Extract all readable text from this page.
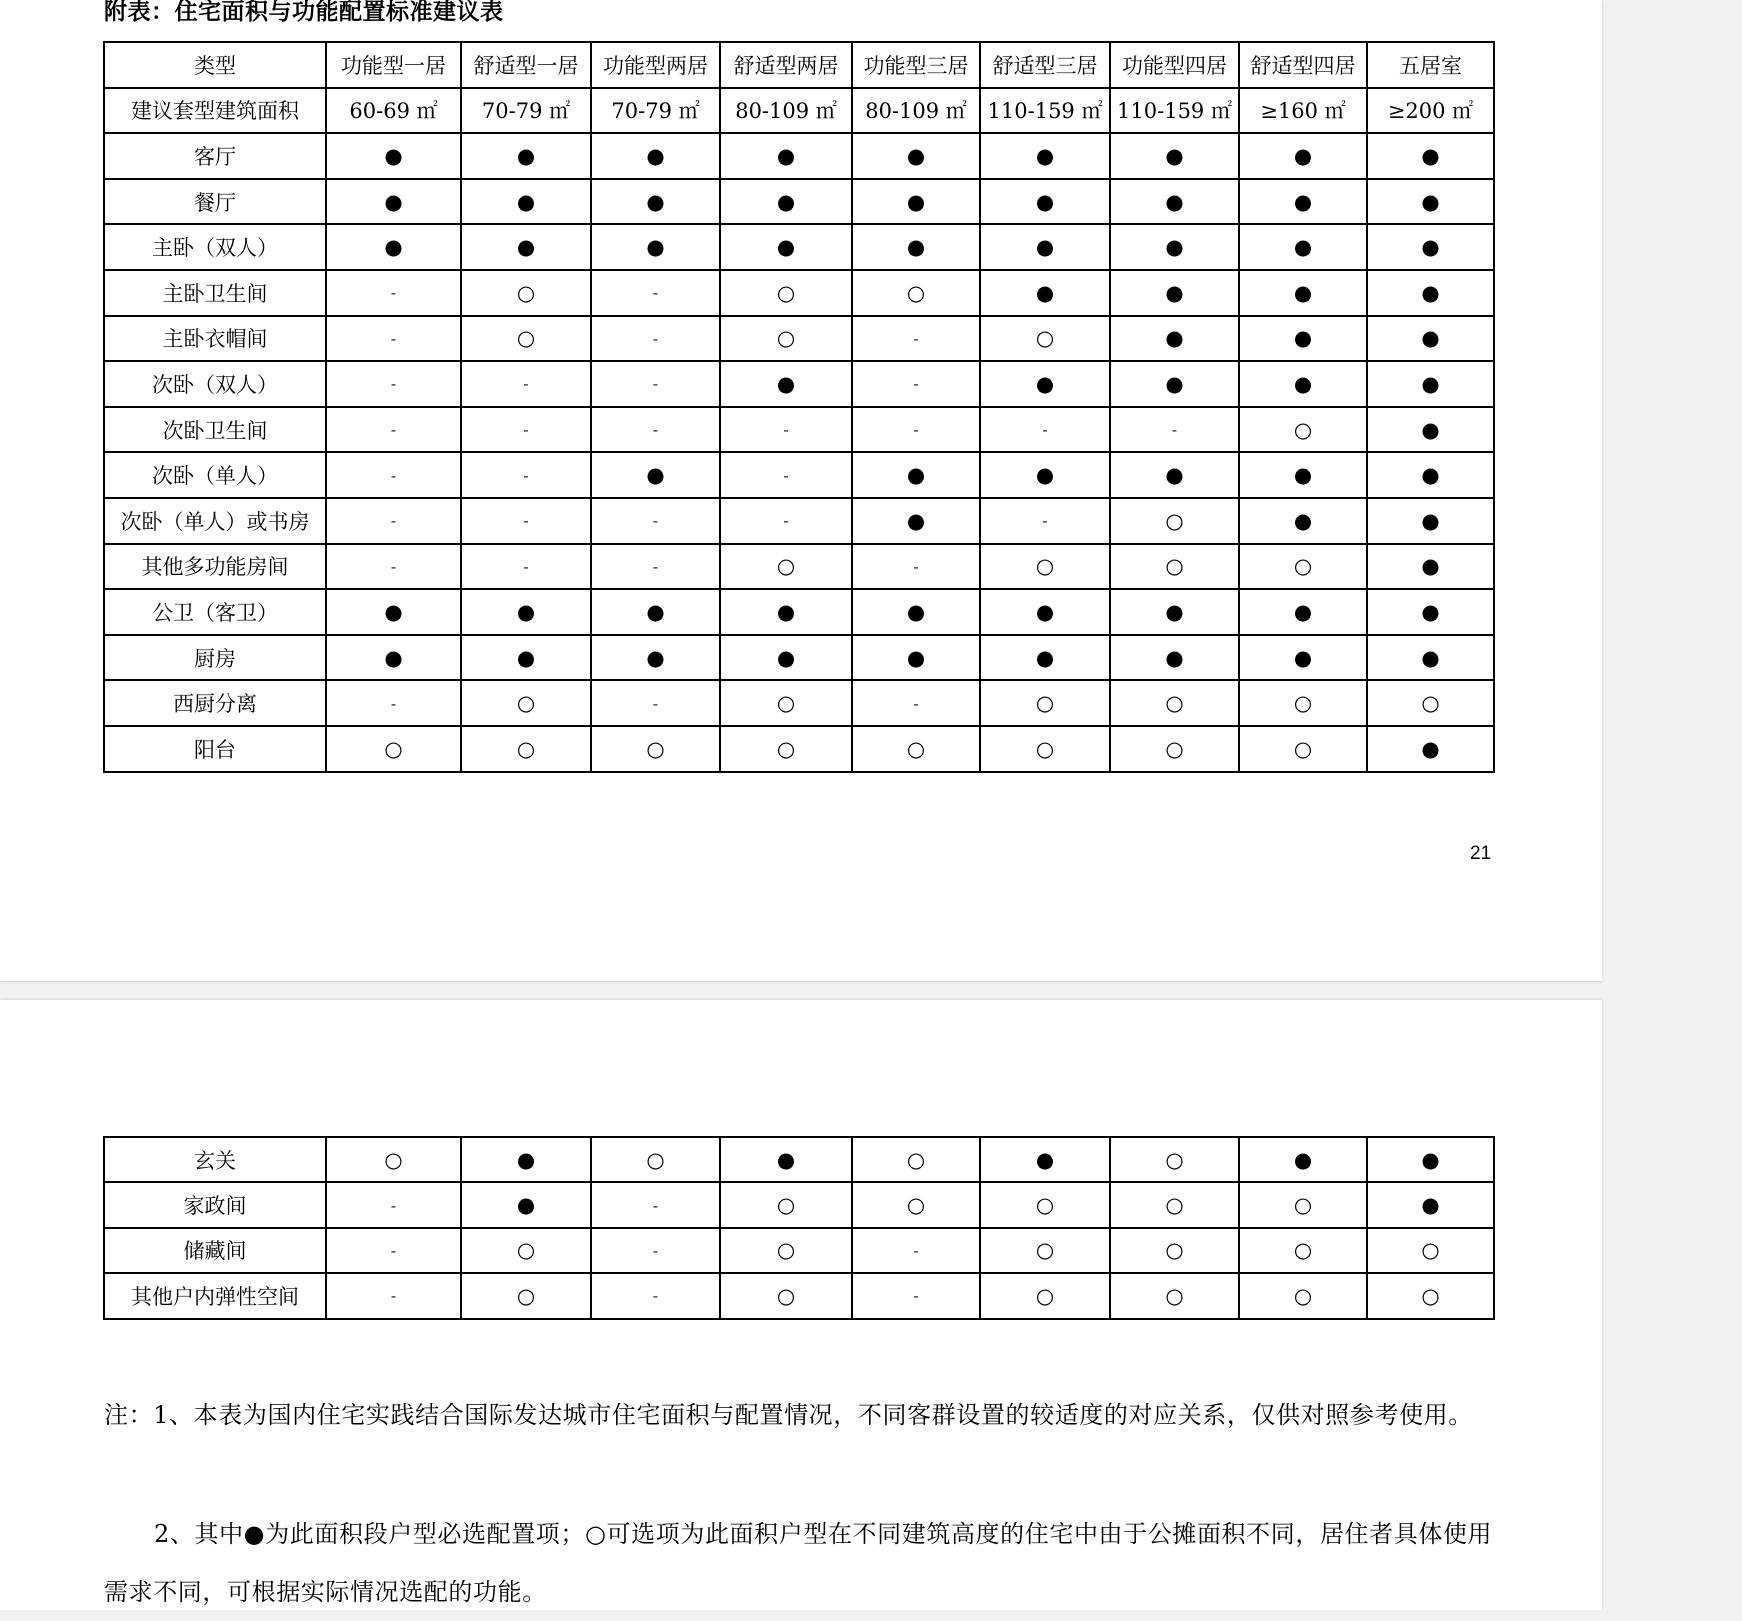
附表：住宅面积与功能配置标准建议表
21
类型	功能型一居	舒适型一居	功能型两居	舒适型两居	功能型三居	舒适型三居	功能型四居	舒适型四居	五居室
建议套型建筑面积	60-69 ㎡	70-79 ㎡	70-79 ㎡	80-109 ㎡	80-109 ㎡	110-159 ㎡	110-159 ㎡	≥160 ㎡	≥200 ㎡
客厅	●	●	●	●	●	●	●	●	●
餐厅	●	●	●	●	●	●	●	●	●
主卧（双人）	●	●	●	●	●	●	●	●	●
主卧卫生间	-	○	-	○	○	●	●	●	●
主卧衣帽间	-	○	-	○	-	○	●	●	●
次卧（双人）	-	-	-	●	-	●	●	●	●
次卧卫生间	-	-	-	-	-	-	-	○	●
次卧（单人）	-	-	●	-	●	●	●	●	●
次卧（单人）或书房	-	-	-	-	●	-	○	●	●
其他多功能房间	-	-	-	○	-	○	○	○	●
公卫（客卫）	●	●	●	●	●	●	●	●	●
厨房	●	●	●	●	●	●	●	●	●
西厨分离	-	○	-	○	-	○	○	○	○
阳台	○	○	○	○	○	○	○	○	●
玄关	○	●	○	●	○	●	○	●	●
家政间	-	●	-	○	○	○	○	○	●
储藏间	-	○	-	○	-	○	○	○	○
其他户内弹性空间	-	○	-	○	-	○	○	○	○
注：1、本表为国内住宅实践结合国际发达城市住宅面积与配置情况，不同客群设置的较适度的对应关系，仅供对照参考使用。
2、其中●为此面积段户型必选配置项；○可选项为此面积户型在不同建筑高度的住宅中由于公摊面积不同，居住者具体使用需求不同，可根据实际情况选配的功能。
